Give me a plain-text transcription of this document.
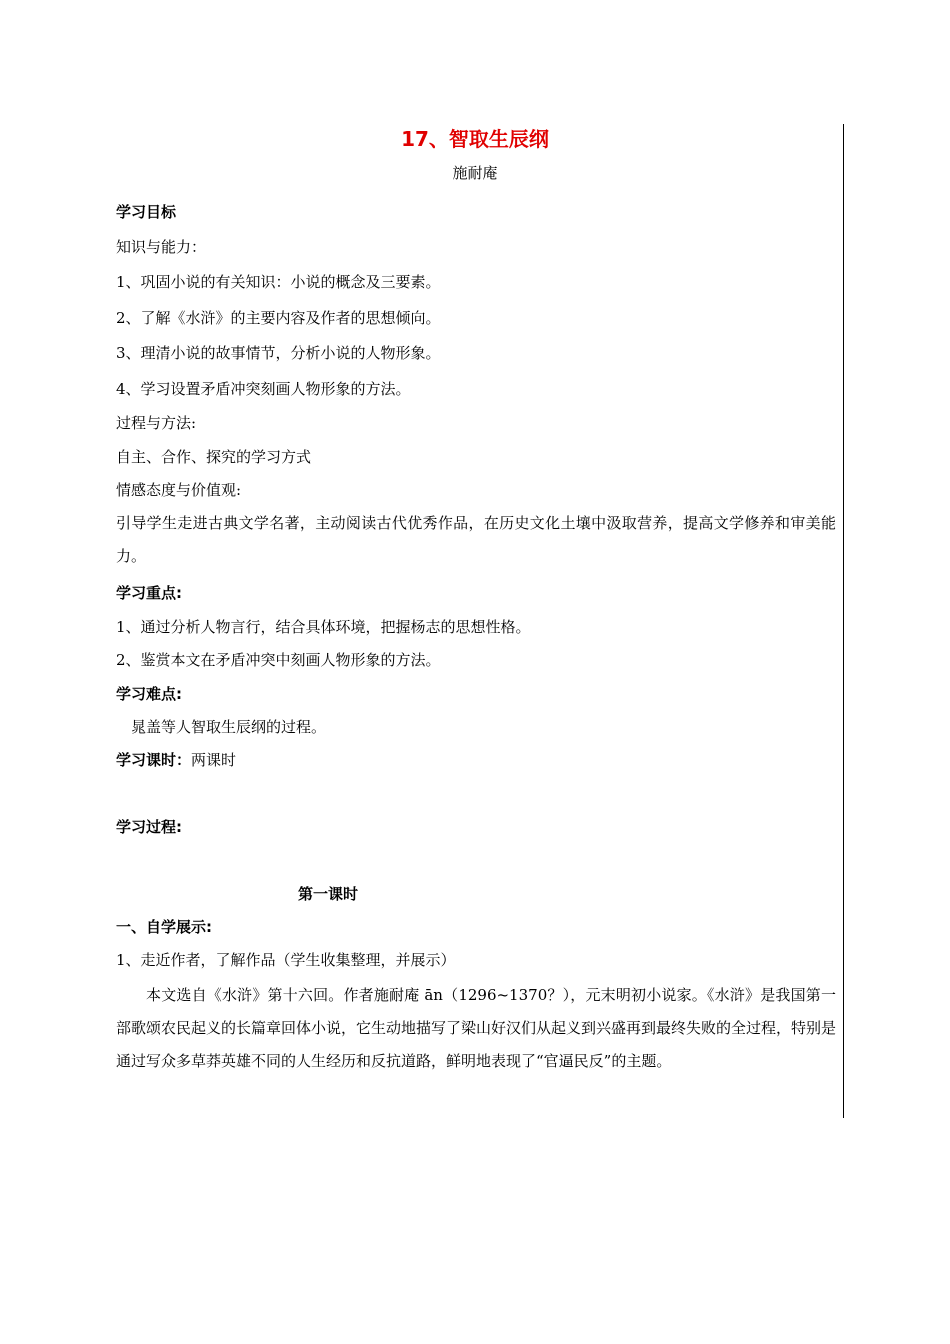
17、智取生辰纲
施耐庵
学习目标
知识与能力：
1、巩固小说的有关知识：小说的概念及三要素。
2、了解《水浒》的主要内容及作者的思想倾向。
3、理清小说的故事情节，分析小说的人物形象。
4、学习设置矛盾冲突刻画人物形象的方法。
过程与方法:
自主、合作、探究的学习方式
情感态度与价值观:
引导学生走进古典文学名著，主动阅读古代优秀作品，在历史文化土壤中汲取营养，提高文学修养和审美能力。
学习重点:
1、通过分析人物言行，结合具体环境，把握杨志的思想性格。
2、鉴赏本文在矛盾冲突中刻画人物形象的方法。
学习难点:
晁盖等人智取生辰纲的过程。
学习课时：两课时
学习过程:
第一课时
一、自学展示:
1、走近作者，了解作品（学生收集整理，并展示）
本文选自《水浒》第十六回。作者施耐庵 ān（1296~1370？），元末明初小说家。《水浒》是我国第一部歌颂农民起义的长篇章回体小说，它生动地描写了梁山好汉们从起义到兴盛再到最终失败的全过程，特别是通过写众多草莽英雄不同的人生经历和反抗道路，鲜明地表现了“官逼民反”的主题。
